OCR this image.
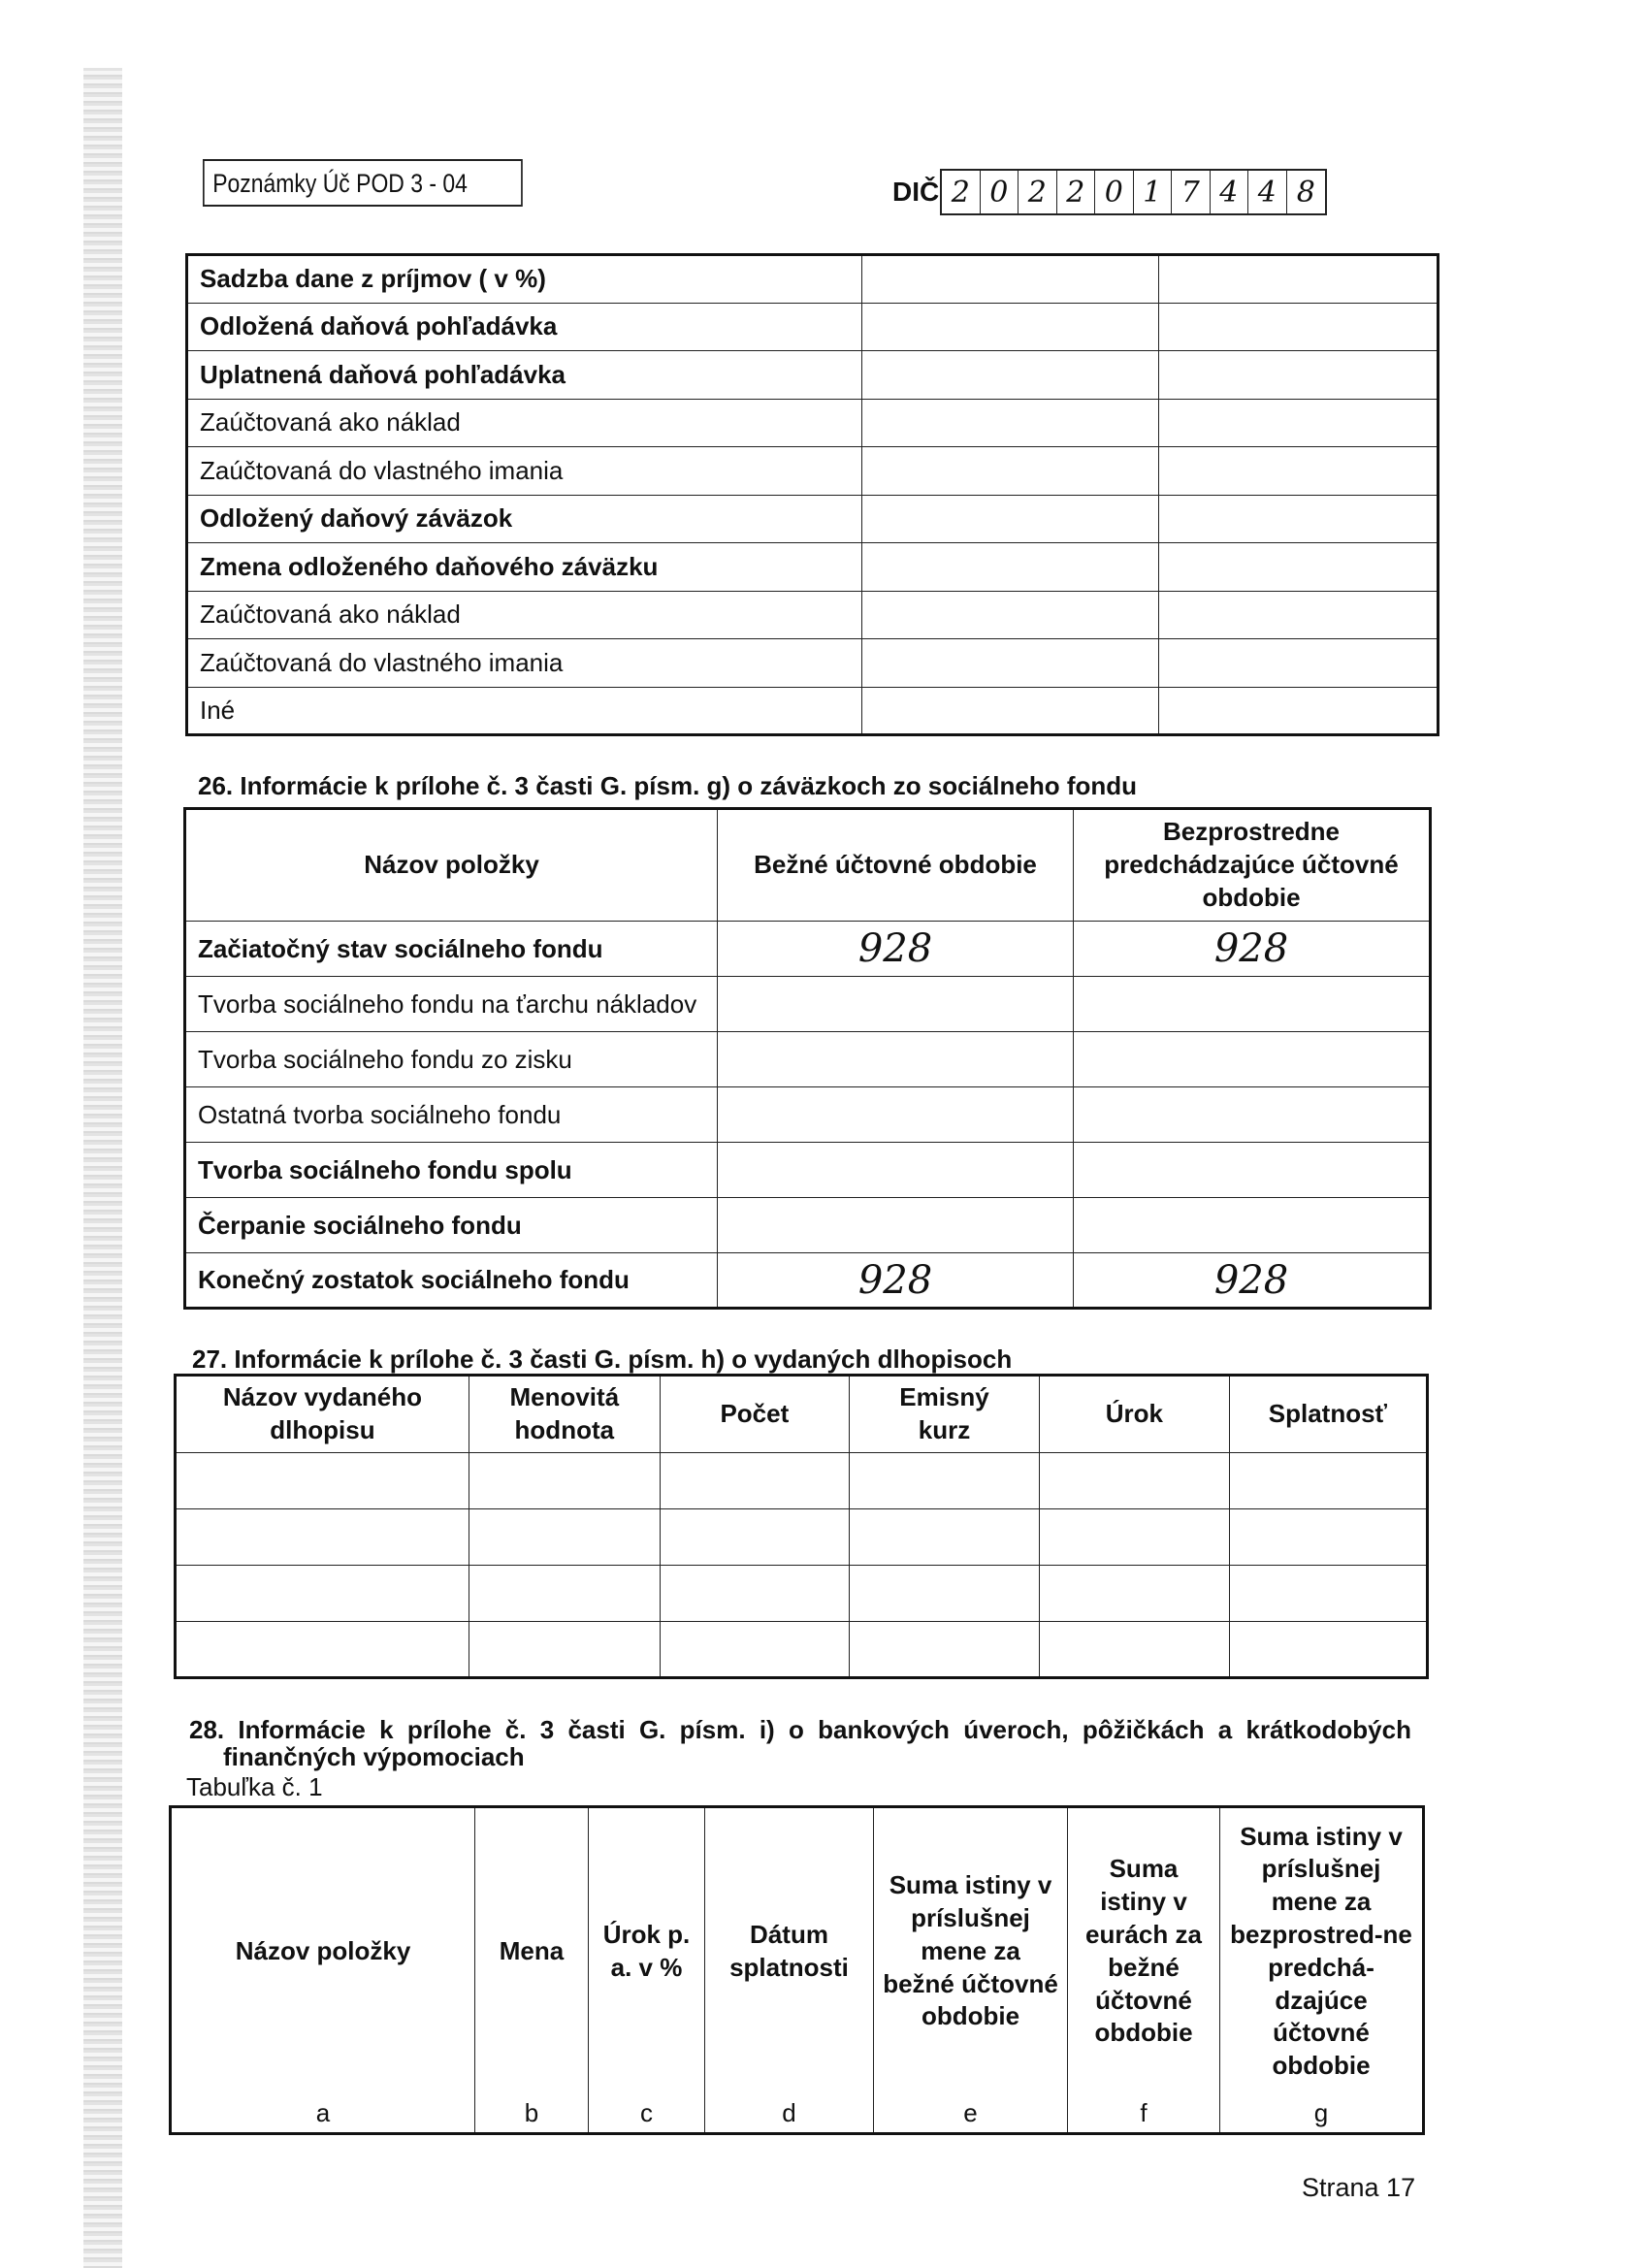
Poznámky Úč POD 3 - 04	DIČ 2 0 2 2 0 1 7 4 4 8
Sadzba dane z príjmov ( v %)		
Odložená daňová pohľadávka		
Uplatnená daňová pohľadávka		
Zaúčtovaná ako náklad		
Zaúčtovaná do vlastného imania		
Odložený daňový záväzok		
Zmena odloženého daňového záväzku		
Zaúčtovaná ako náklad		
Zaúčtovaná do vlastného imania		
Iné		
26. Informácie k prílohe č. 3 časti G. písm. g) o záväzkoch zo sociálneho fondu
Názov položky	Bežné účtovné obdobie	Bezprostredne predchádzajúce účtovné obdobie
Začiatočný stav sociálneho fondu	928	928
Tvorba sociálneho fondu na ťarchu nákladov		
Tvorba sociálneho fondu zo zisku		
Ostatná tvorba sociálneho fondu		
Tvorba sociálneho fondu spolu		
Čerpanie sociálneho fondu		
Konečný zostatok sociálneho fondu	928	928
27. Informácie k prílohe č. 3 časti G. písm. h) o vydaných dlhopisoch
Názov vydaného dlhopisu	Menovitá hodnota	Počet	Emisný kurz	Úrok	Splatnosť

28. Informácie k prílohe č. 3 časti G. písm. i) o bankových úveroch, pôžičkách a krátkodobých
finančných výpomociach
Tabuľka č. 1
Názov položky	Mena	Úrok p. a. v %	Dátum splatnosti	Suma istiny v príslušnej mene za bežné účtovné obdobie	Suma istiny v eurách za bežné účtovné obdobie	Suma istiny v príslušnej mene za bezprostred-ne predchá-dzajúce účtovné obdobie
a	b	c	d	e	f	g
Strana 17
